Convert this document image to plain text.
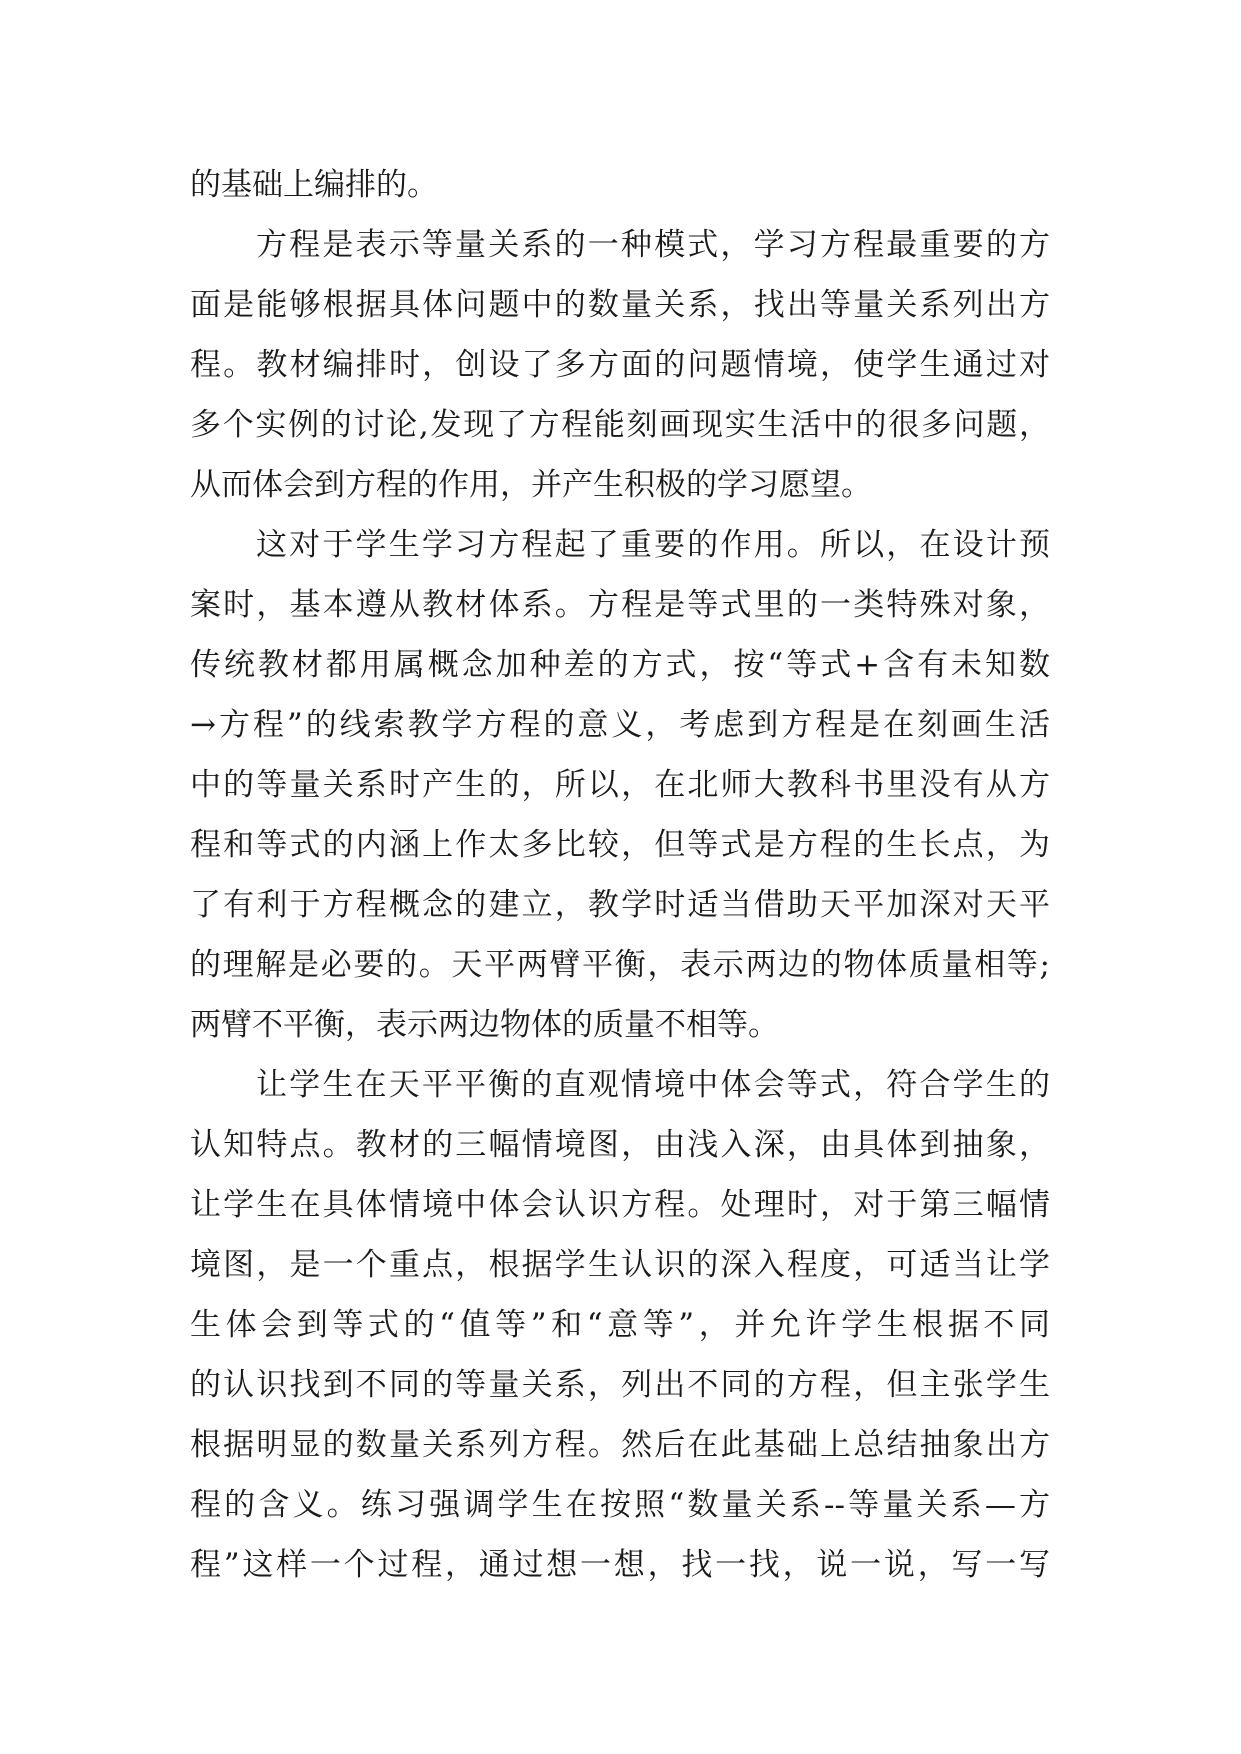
的基础上编排的。
方程是表示等量关系的一种模式，学习方程最重要的方
面是能够根据具体问题中的数量关系，找出等量关系列出方
程。教材编排时，创设了多方面的问题情境，使学生通过对
多个实例的讨论,发现了方程能刻画现实生活中的很多问题，
从而体会到方程的作用，并产生积极的学习愿望。
这对于学生学习方程起了重要的作用。所以，在设计预
案时，基本遵从教材体系。方程是等式里的一类特殊对象，
传统教材都用属概念加种差的方式，按“等式+含有未知数
→方程”的线索教学方程的意义，考虑到方程是在刻画生活
中的等量关系时产生的，所以，在北师大教科书里没有从方
程和等式的内涵上作太多比较，但等式是方程的生长点，为
了有利于方程概念的建立，教学时适当借助天平加深对天平
的理解是必要的。天平两臂平衡，表示两边的物体质量相等;
两臂不平衡，表示两边物体的质量不相等。
让学生在天平平衡的直观情境中体会等式，符合学生的
认知特点。教材的三幅情境图，由浅入深，由具体到抽象，
让学生在具体情境中体会认识方程。处理时，对于第三幅情
境图，是一个重点，根据学生认识的深入程度，可适当让学
生体会到等式的“值等”和“意等”，并允许学生根据不同
的认识找到不同的等量关系，列出不同的方程，但主张学生
根据明显的数量关系列方程。然后在此基础上总结抽象出方
程的含义。练习强调学生在按照“数量关系--等量关系—方
程”这样一个过程，通过想一想，找一找，说一说，写一写
